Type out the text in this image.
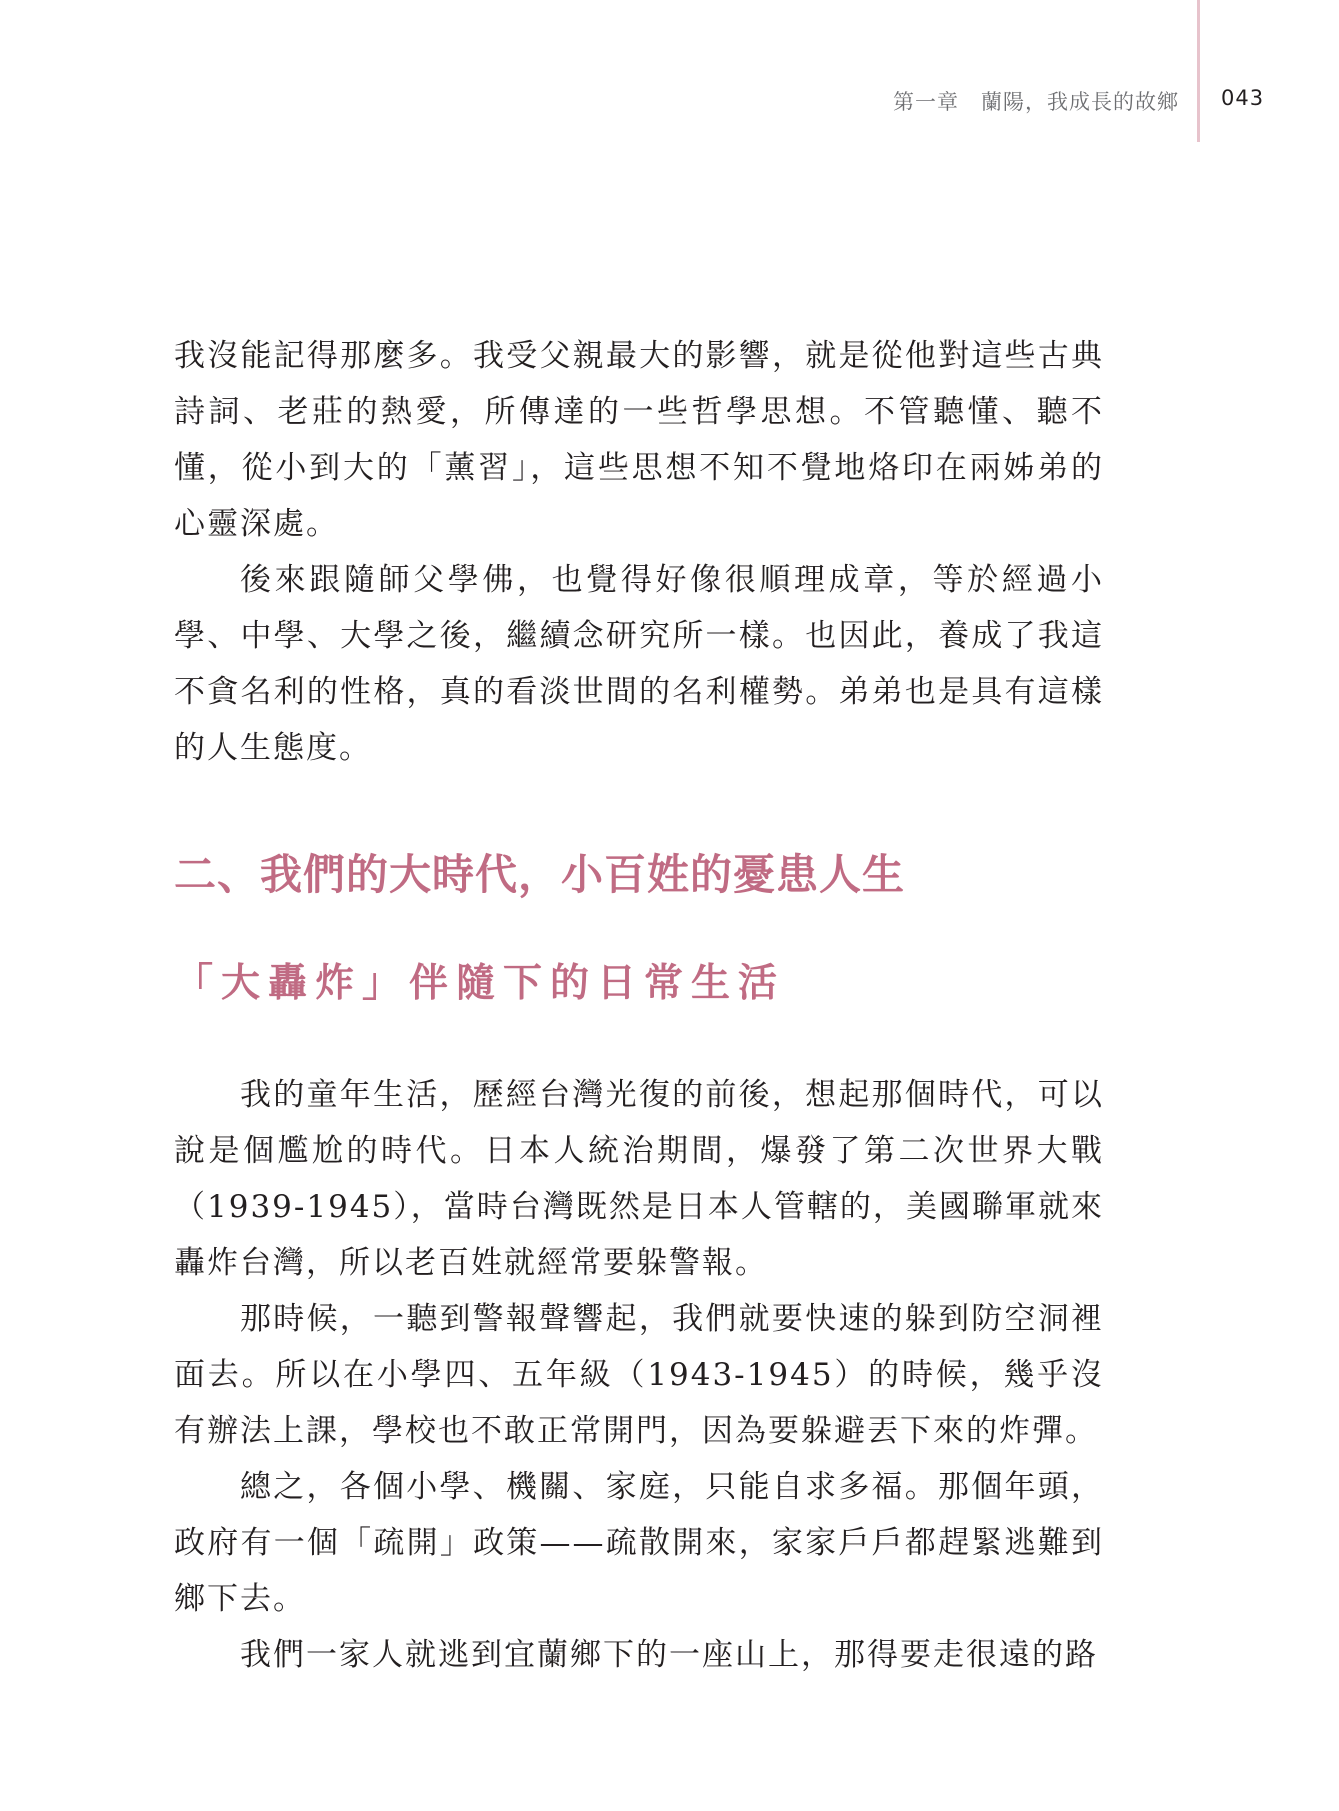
第一章　蘭陽，我成長的故鄉 043

我沒能記得那麼多。我受父親最大的影響，就是從他對這些古典詩詞、老莊的熱愛，所傳達的一些哲學思想。不管聽懂、聽不懂，從小到大的「薰習」，這些思想不知不覺地烙印在兩姊弟的心靈深處。

後來跟隨師父學佛，也覺得好像很順理成章，等於經過小學、中學、大學之後，繼續念研究所一樣。也因此，養成了我這不貪名利的性格，真的看淡世間的名利權勢。弟弟也是具有這樣的人生態度。

二、我們的大時代，小百姓的憂患人生
「大轟炸」伴隨下的日常生活

我的童年生活，歷經台灣光復的前後，想起那個時代，可以說是個尷尬的時代。日本人統治期間，爆發了第二次世界大戰（1939-1945），當時台灣既然是日本人管轄的，美國聯軍就來轟炸台灣，所以老百姓就經常要躲警報。

那時候，一聽到警報聲響起，我們就要快速的躲到防空洞裡面去。所以在小學四、五年級（1943-1945）的時候，幾乎沒有辦法上課，學校也不敢正常開門，因為要躲避丟下來的炸彈。

總之，各個小學、機關、家庭，只能自求多福。那個年頭，政府有一個「疏開」政策——疏散開來，家家戶戶都趕緊逃難到鄉下去。

我們一家人就逃到宜蘭鄉下的一座山上，那得要走很遠的路
